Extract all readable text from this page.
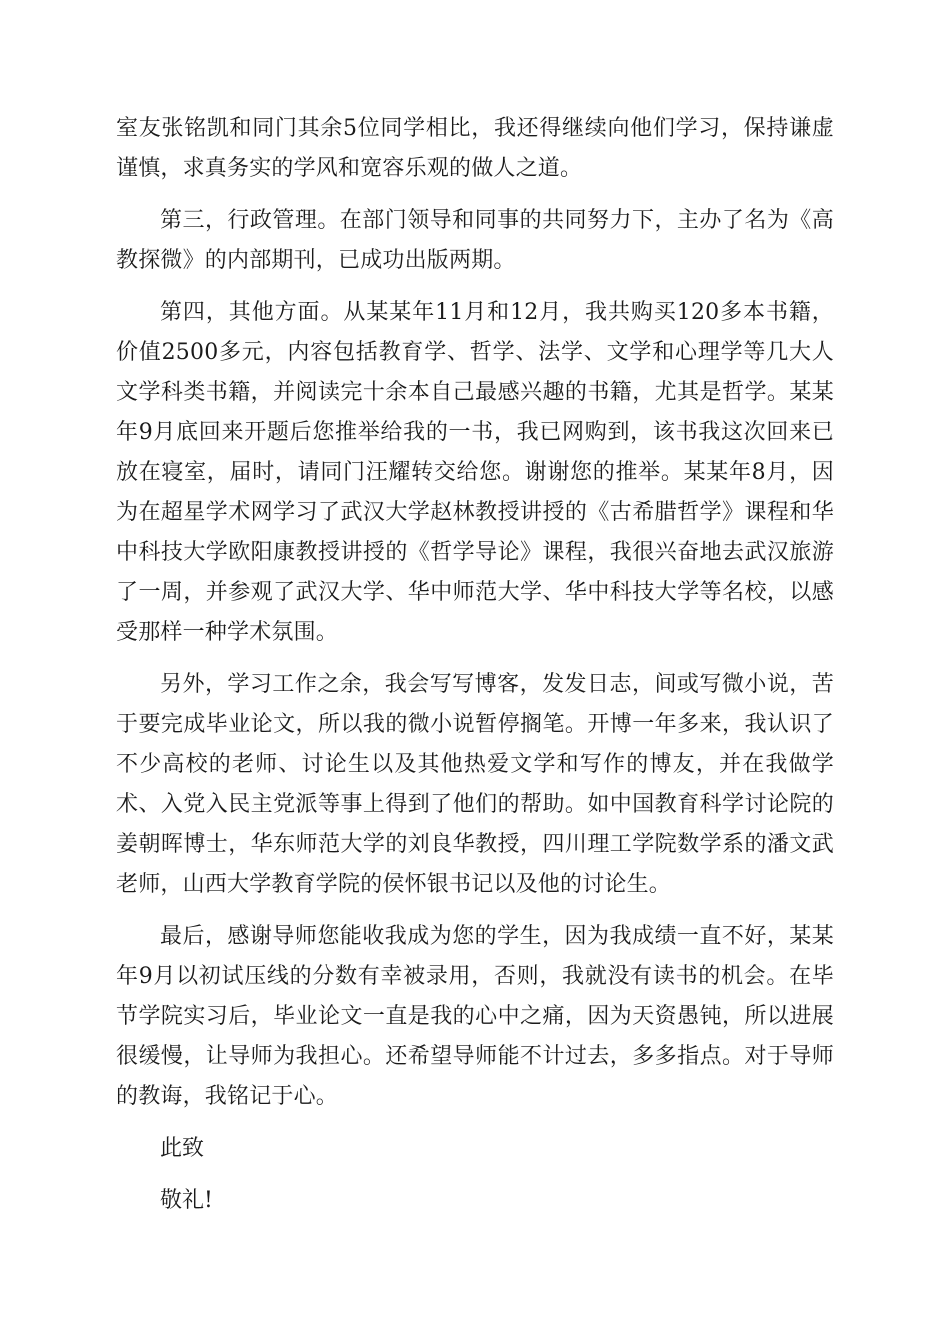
室友张铭凯和同门其余5位同学相比，我还得继续向他们学习，保持谦虚谨慎，求真务实的学风和宽容乐观的做人之道。

第三，行政管理。在部门领导和同事的共同努力下，主办了名为《高教探微》的内部期刊，已成功出版两期。

第四，其他方面。从某某年11月和12月，我共购买120多本书籍，价值2500多元，内容包括教育学、哲学、法学、文学和心理学等几大人文学科类书籍，并阅读完十余本自己最感兴趣的书籍，尤其是哲学。某某年9月底回来开题后您推举给我的一书，我已网购到，该书我这次回来已放在寝室，届时，请同门汪耀转交给您。谢谢您的推举。某某年8月，因为在超星学术网学习了武汉大学赵林教授讲授的《古希腊哲学》课程和华中科技大学欧阳康教授讲授的《哲学导论》课程，我很兴奋地去武汉旅游了一周，并参观了武汉大学、华中师范大学、华中科技大学等名校，以感受那样一种学术氛围。

另外，学习工作之余，我会写写博客，发发日志，间或写微小说，苦于要完成毕业论文，所以我的微小说暂停搁笔。开博一年多来，我认识了不少高校的老师、讨论生以及其他热爱文学和写作的博友，并在我做学术、入党入民主党派等事上得到了他们的帮助。如中国教育科学讨论院的姜朝晖博士，华东师范大学的刘良华教授，四川理工学院数学系的潘文武老师，山西大学教育学院的侯怀银书记以及他的讨论生。

最后，感谢导师您能收我成为您的学生，因为我成绩一直不好，某某年9月以初试压线的分数有幸被录用，否则，我就没有读书的机会。在毕节学院实习后，毕业论文一直是我的心中之痛，因为天资愚钝，所以进展很缓慢，让导师为我担心。还希望导师能不计过去，多多指点。对于导师的教诲，我铭记于心。

此致

敬礼!
